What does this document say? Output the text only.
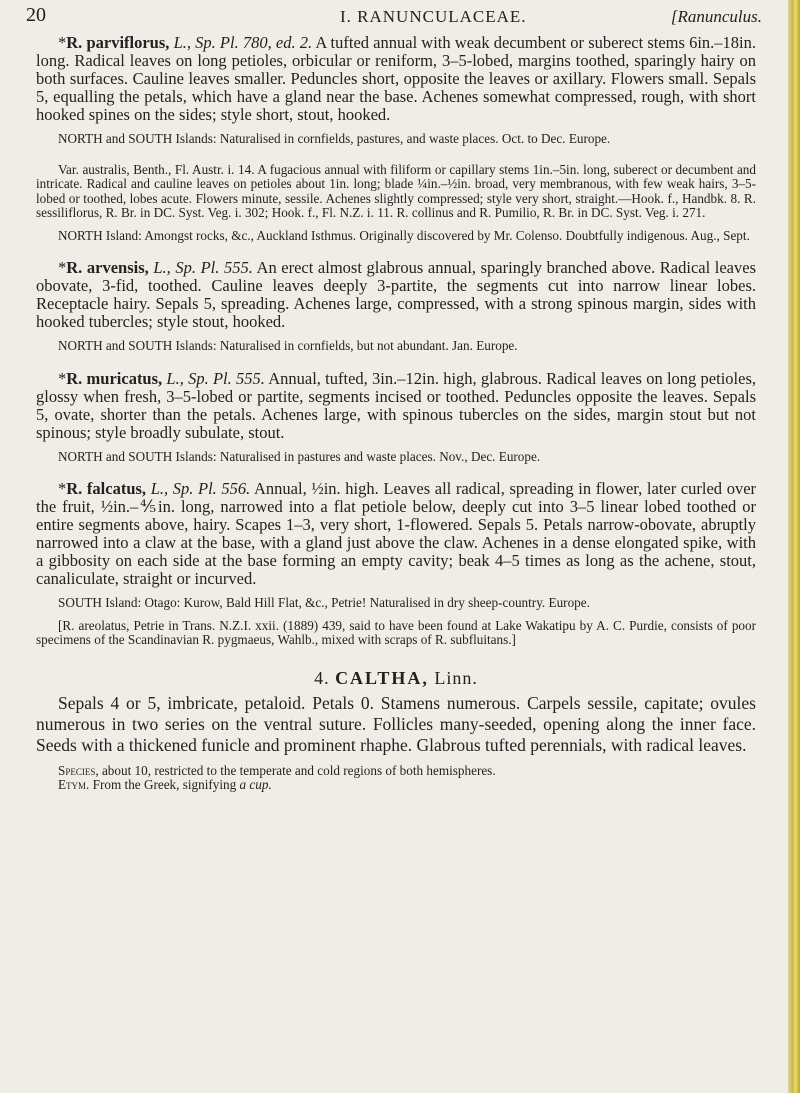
20	I. RANUNCULACEAE.	[Ranunculus.

*R. parviflorus, L., Sp. Pl. 780, ed. 2. A tufted annual with weak decumbent or suberect stems 6in.–18in. long. Radical leaves on long petioles, orbicular or reniform, 3–5-lobed, margins toothed, sparingly hairy on both surfaces. Cauline leaves smaller. Peduncles short, opposite the leaves or axillary. Flowers small. Sepals 5, equalling the petals, which have a gland near the base. Achenes somewhat compressed, rough, with short hooked spines on the sides; style short, stout, hooked.

NORTH and SOUTH Islands: Naturalised in cornfields, pastures, and waste places. Oct. to Dec. Europe.

Var. australis, Benth., Fl. Austr. i. 14. A fugacious annual with filiform or capillary stems 1in.–5in. long, suberect or decumbent and intricate. Radical and cauline leaves on petioles about 1in. long; blade ¼in.–½in. broad, very membranous, with few weak hairs, 3–5-lobed or toothed, lobes acute. Flowers minute, sessile. Achenes slightly compressed; style very short, straight.—Hook. f., Handbk. 8. R. sessiliflorus, R. Br. in DC. Syst. Veg. i. 302; Hook. f., Fl. N.Z. i. 11. R. collinus and R. Pumilio, R. Br. in DC. Syst. Veg. i. 271.

NORTH Island: Amongst rocks, &c., Auckland Isthmus. Originally discovered by Mr. Colenso. Doubtfully indigenous. Aug., Sept.

*R. arvensis, L., Sp. Pl. 555. An erect almost glabrous annual, sparingly branched above. Radical leaves obovate, 3-fid, toothed. Cauline leaves deeply 3-partite, the segments cut into narrow linear lobes. Receptacle hairy. Sepals 5, spreading. Achenes large, compressed, with a strong spinous margin, sides with hooked tubercles; style stout, hooked.

NORTH and SOUTH Islands: Naturalised in cornfields, but not abundant. Jan. Europe.

*R. muricatus, L., Sp. Pl. 555. Annual, tufted, 3in.–12in. high, glabrous. Radical leaves on long petioles, glossy when fresh, 3–5-lobed or partite, segments incised or toothed. Peduncles opposite the leaves. Sepals 5, ovate, shorter than the petals. Achenes large, with spinous tubercles on the sides, margin stout but not spinous; style broadly subulate, stout.

NORTH and SOUTH Islands: Naturalised in pastures and waste places. Nov., Dec. Europe.

*R. falcatus, L., Sp. Pl. 556. Annual, ½in. high. Leaves all radical, spreading in flower, later curled over the fruit, ½in.–⅘in. long, narrowed into a flat petiole below, deeply cut into 3–5 linear lobed toothed or entire segments above, hairy. Scapes 1–3, very short, 1-flowered. Sepals 5. Petals narrow-obovate, abruptly narrowed into a claw at the base, with a gland just above the claw. Achenes in a dense elongated spike, with a gibbosity on each side at the base forming an empty cavity; beak 4–5 times as long as the achene, stout, canaliculate, straight or incurved.

SOUTH Island: Otago: Kurow, Bald Hill Flat, &c., Petrie! Naturalised in dry sheep-country. Europe.

[R. areolatus, Petrie in Trans. N.Z.I. xxii. (1889) 439, said to have been found at Lake Wakatipu by A. C. Purdie, consists of poor specimens of the Scandinavian R. pygmaeus, Wahlb., mixed with scraps of R. subfluitans.]

4. CALTHA, Linn.

Sepals 4 or 5, imbricate, petaloid. Petals 0. Stamens numerous. Carpels sessile, capitate; ovules numerous in two series on the ventral suture. Follicles many-seeded, opening along the inner face. Seeds with a thickened funicle and prominent rhaphe. Glabrous tufted perennials, with radical leaves.

Species, about 10, restricted to the temperate and cold regions of both hemispheres.

Etym. From the Greek, signifying a cup.
